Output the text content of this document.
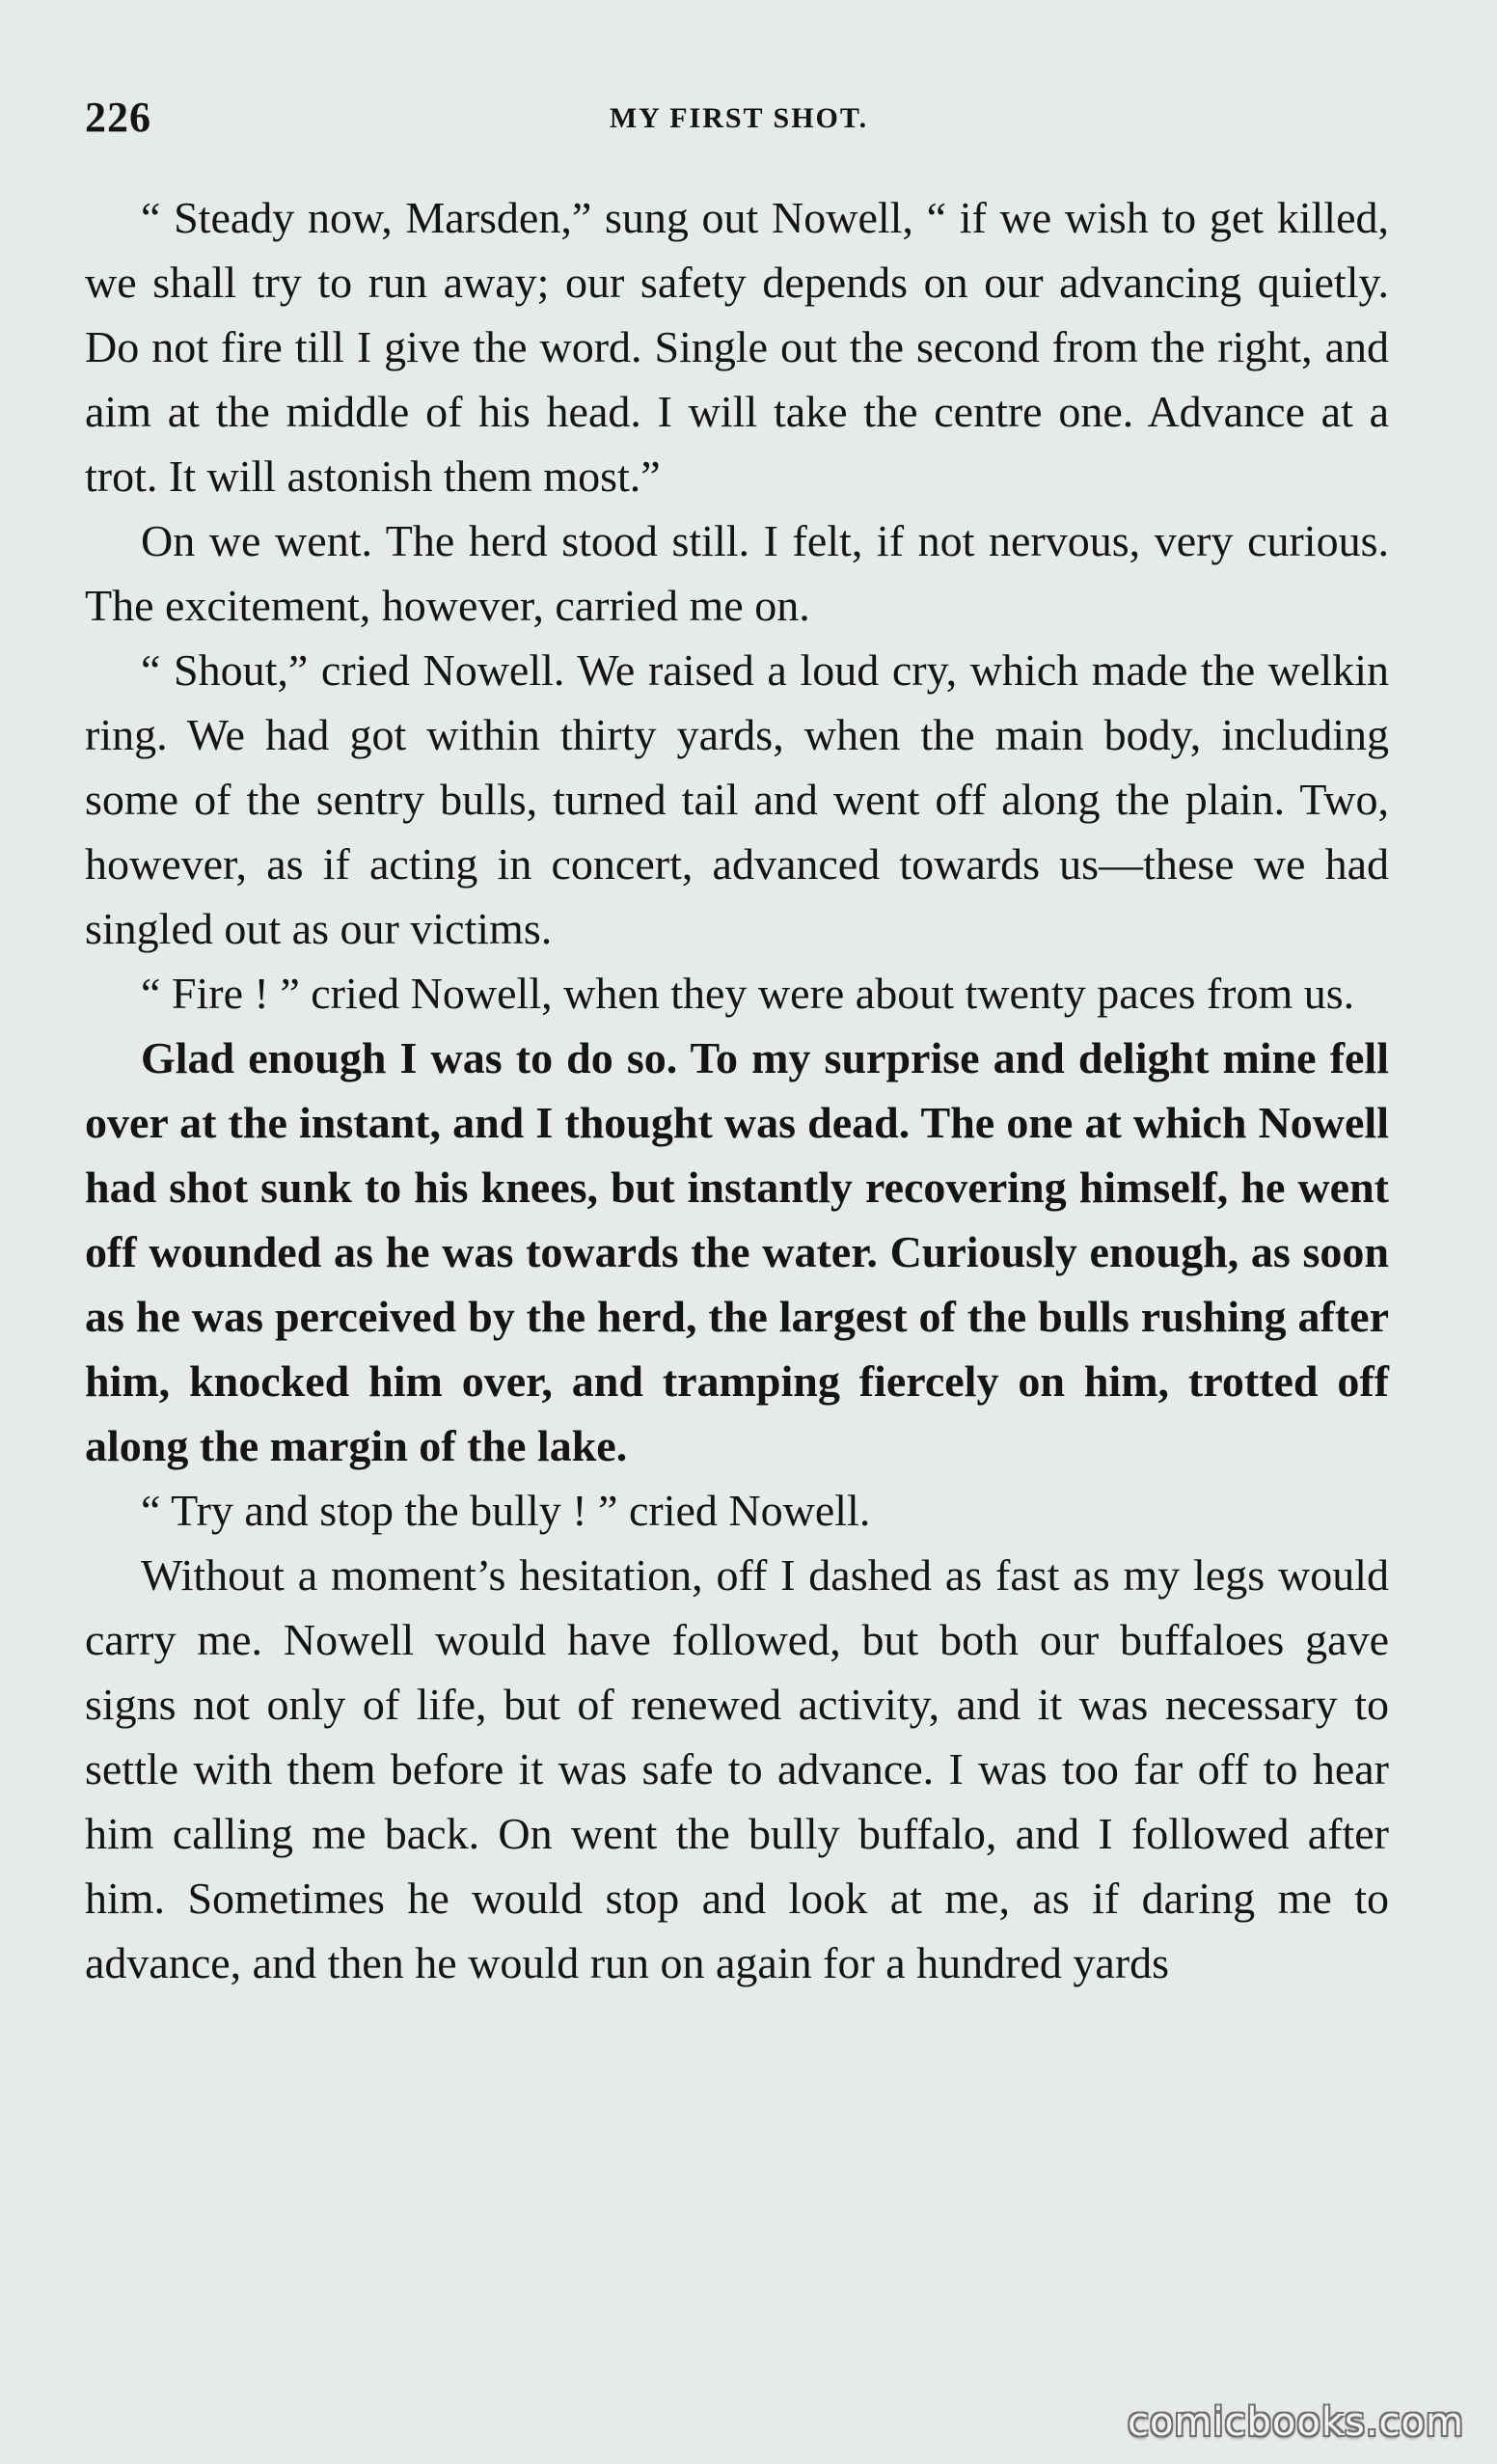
226	MY FIRST SHOT.

“ Steady now, Marsden,” sung out Nowell, “ if we wish to get killed, we shall try to run away; our safety depends on our advancing quietly. Do not fire till I give the word. Single out the second from the right, and aim at the middle of his head. I will take the centre one. Advance at a trot. It will astonish them most.”

On we went. The herd stood still. I felt, if not nervous, very curious. The excitement, however, carried me on.

“ Shout,” cried Nowell. We raised a loud cry, which made the welkin ring. We had got within thirty yards, when the main body, including some of the sentry bulls, turned tail and went off along the plain. Two, however, as if acting in concert, advanced towards us—these we had singled out as our victims.

“ Fire ! ” cried Nowell, when they were about twenty paces from us.

Glad enough I was to do so. To my surprise and delight mine fell over at the instant, and I thought was dead. The one at which Nowell had shot sunk to his knees, but instantly recovering himself, he went off wounded as he was towards the water. Curiously enough, as soon as he was perceived by the herd, the largest of the bulls rushing after him, knocked him over, and tramping fiercely on him, trotted off along the margin of the lake.

“ Try and stop the bully ! ” cried Nowell.

Without a moment’s hesitation, off I dashed as fast as my legs would carry me. Nowell would have followed, but both our buffaloes gave signs not only of life, but of renewed activity, and it was necessary to settle with them before it was safe to advance. I was too far off to hear him calling me back. On went the bully buffalo, and I followed after him. Sometimes he would stop and look at me, as if daring me to advance, and then he would run on again for a hundred yards

comicbooks.com
